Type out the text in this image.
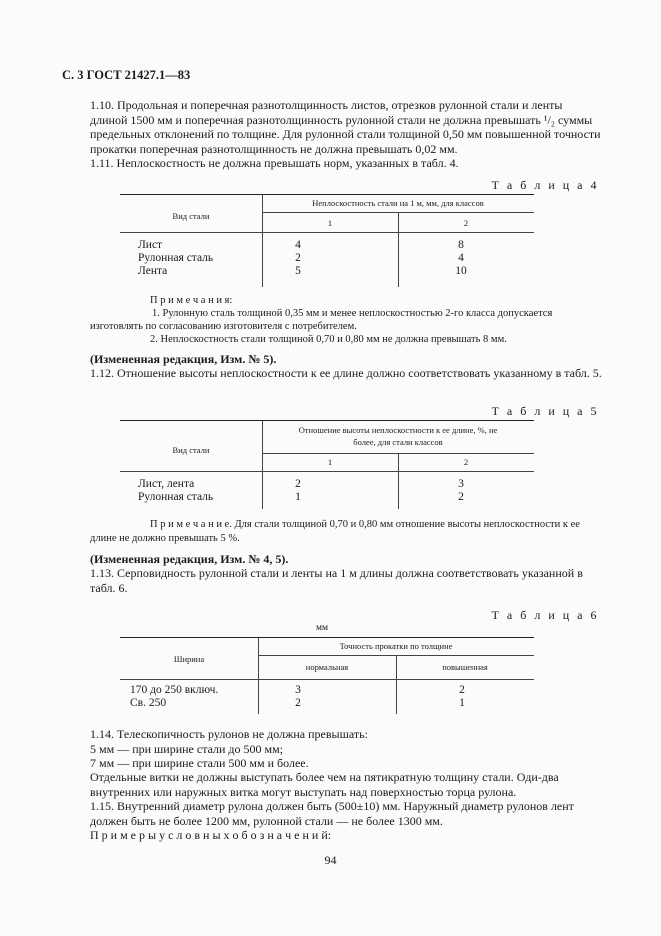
С. 3 ГОСТ 21427.1—83
1.10. Продольная и поперечная разнотолщинность листов, отрезков рулонной стали и ленты длиной 1500 мм и поперечная разнотолщинность рулонной стали не должна превышать ¹/₂ суммы предельных отклонений по толщине. Для рулонной стали толщиной 0,50 мм повышенной точности прокатки поперечная разнотолщинность не должна превышать 0,02 мм.
1.11. Неплоскостность не должна превышать норм, указанных в табл. 4.
Т а б л и ц а 4
Вид стали
Неплоскостность стали на 1 м, мм, для классов
1	2
Лист	4	8
Рулонная сталь	2	4
Лента	5	10
П р и м е ч а н и я:
1. Рулонную сталь толщиной 0,35 мм и менее неплоскостностью 2-го класса допускается изготовлять по согласованию изготовителя с потребителем.
2. Неплоскостность стали толщиной 0,70 и 0,80 мм не должна превышать 8 мм.
(Измененная редакция, Изм. № 5).
1.12. Отношение высоты неплоскостности к ее длине должно соответствовать указанному в табл. 5.
Т а б л и ц а 5
Вид стали
Отношение высоты неплоскостности к ее длине, %, не
более, для стали классов
1	2
Лист, лента	2	3
Рулонная сталь	1	2
П р и м е ч а н и е. Для стали толщиной 0,70 и 0,80 мм отношение высоты неплоскостности к ее длине не должно превышать 5 %.
(Измененная редакция, Изм. № 4, 5).
1.13. Серповидность рулонной стали и ленты на 1 м длины должна соответствовать указанной в табл. 6.
Т а б л и ц а 6
мм
Ширина
Точность прокатки по толщине
нормальная	повышенная
170 до 250 включ.	3	2
Св. 250	2	1
1.14. Телескопичность рулонов не должна превышать:
5 мм — при ширине стали до 500 мм;
7 мм — при ширине стали 500 мм и более.
Отдельные витки не должны выступать более чем на пятикратную толщину стали. Оди-два внутренних или наружных витка могут выступать над поверхностью торца рулона.
1.15. Внутренний диаметр рулона должен быть (500±10) мм. Наружный диаметр рулонов лент должен быть не более 1200 мм, рулонной стали — не более 1300 мм.
П р и м е р ы у с л о в н ы х о б о з н а ч е н и й:
94
